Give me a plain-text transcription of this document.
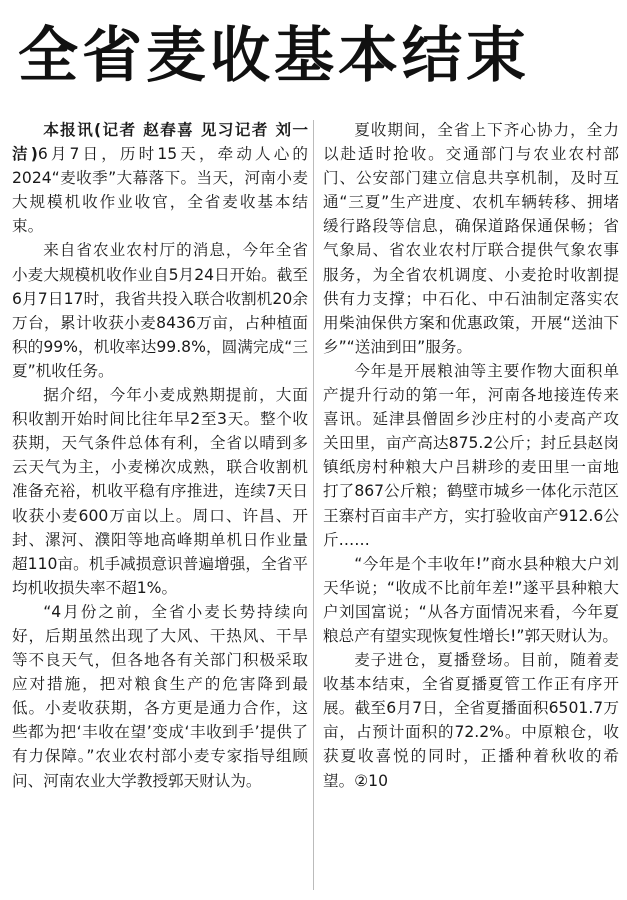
全省麦收基本结束

本报讯(记者 赵春喜 见习记者 刘一洁)6月7日，历时15天，牵动人心的2024“麦收季”大幕落下。当天，河南小麦大规模机收作业收官，全省麦收基本结束。

来自省农业农村厅的消息，今年全省小麦大规模机收作业自5月24日开始。截至6月7日17时，我省共投入联合收割机20余万台，累计收获小麦8436万亩，占种植面积的99%，机收率达99.8%，圆满完成“三夏”机收任务。

据介绍，今年小麦成熟期提前，大面积收割开始时间比往年早2至3天。整个收获期，天气条件总体有利，全省以晴到多云天气为主，小麦梯次成熟，联合收割机准备充裕，机收平稳有序推进，连续7天日收获小麦600万亩以上。周口、许昌、开封、漯河、濮阳等地高峰期单机日作业量超110亩。机手减损意识普遍增强，全省平均机收损失率不超1%。

“4月份之前，全省小麦长势持续向好，后期虽然出现了大风、干热风、干旱等不良天气，但各地各有关部门积极采取应对措施，把对粮食生产的危害降到最低。小麦收获期，各方更是通力合作，这些都为把‘丰收在望’变成‘丰收到手’提供了有力保障。”农业农村部小麦专家指导组顾问、河南农业大学教授郭天财认为。

夏收期间，全省上下齐心协力，全力以赴适时抢收。交通部门与农业农村部门、公安部门建立信息共享机制，及时互通“三夏”生产进度、农机车辆转移、拥堵缓行路段等信息，确保道路保通保畅；省气象局、省农业农村厅联合提供气象农事服务，为全省农机调度、小麦抢时收割提供有力支撑；中石化、中石油制定落实农用柴油保供方案和优惠政策，开展“送油下乡”“送油到田”服务。

今年是开展粮油等主要作物大面积单产提升行动的第一年，河南各地接连传来喜讯。延津县僧固乡沙庄村的小麦高产攻关田里，亩产高达875.2公斤；封丘县赵岗镇纸房村种粮大户吕耕珍的麦田里一亩地打了867公斤粮；鹤壁市城乡一体化示范区王寨村百亩丰产方，实打验收亩产912.6公斤……

“今年是个丰收年!”商水县种粮大户刘天华说；“收成不比前年差!”遂平县种粮大户刘国富说；“从各方面情况来看，今年夏粮总产有望实现恢复性增长!”郭天财认为。

麦子进仓，夏播登场。目前，随着麦收基本结束，全省夏播夏管工作正有序开展。截至6月7日，全省夏播面积6501.7万亩，占预计面积的72.2%。中原粮仓，收获夏收喜悦的同时，正播种着秋收的希望。②10
